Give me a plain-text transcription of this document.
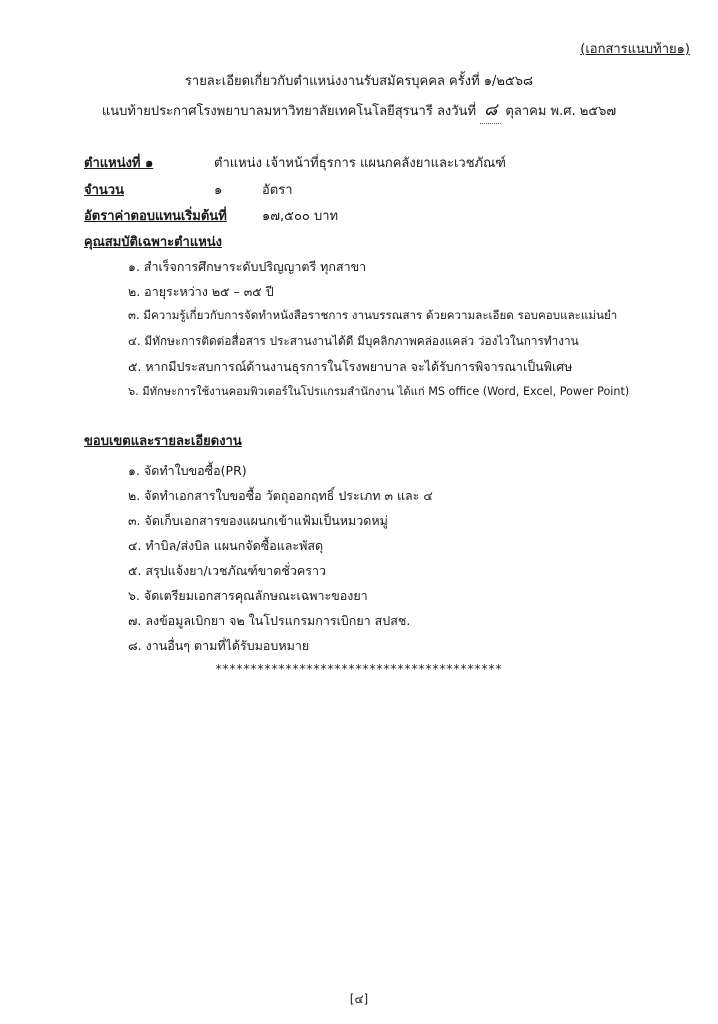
(เอกสารแนบท้าย๑)
รายละเอียดเกี่ยวกับตำแหน่งงานรับสมัครบุคคล ครั้งที่ ๑/๒๕๖๘
แนบท้ายประกาศโรงพยาบาลมหาวิทยาลัยเทคโนโลยีสุรนารี ลงวันที่ ๘ ตุลาคม พ.ศ. ๒๕๖๗
ตำแหน่งที่ ๑	ตำแหน่ง เจ้าหน้าที่ธุรการ แผนกคลังยาและเวชภัณฑ์
จำนวน	๑	อัตรา
อัตราค่าตอบแทนเริ่มต้นที่	๑๗,๕๐๐ บาท
คุณสมบัติเฉพาะตำแหน่ง
๑. สำเร็จการศึกษาระดับปริญญาตรี ทุกสาขา
๒. อายุระหว่าง ๒๕ – ๓๕ ปี
๓. มีความรู้เกี่ยวกับการจัดทำหนังสือราชการ งานบรรณสาร ด้วยความละเอียด รอบคอบและแม่นยำ
๔. มีทักษะการติดต่อสื่อสาร ประสานงานได้ดี มีบุคลิกภาพคล่องแคล่ว ว่องไวในการทำงาน
๕. หากมีประสบการณ์ด้านงานธุรการในโรงพยาบาล จะได้รับการพิจารณาเป็นพิเศษ
๖. มีทักษะการใช้งานคอมพิวเตอร์ในโปรแกรมสำนักงาน ได้แก่ MS office (Word, Excel, Power Point)
ขอบเขตและรายละเอียดงาน
๑. จัดทำใบขอซื้อ(PR)
๒. จัดทำเอกสารใบขอซื้อ วัตถุออกฤทธิ์ ประเภท ๓ และ ๔
๓. จัดเก็บเอกสารของแผนกเข้าแฟ้มเป็นหมวดหมู่
๔. ทำบิล/ส่งบิล แผนกจัดซื้อและพัสดุ
๕. สรุปแจ้งยา/เวชภัณฑ์ขาดชั่วคราว
๖. จัดเตรียมเอกสารคุณลักษณะเฉพาะของยา
๗. ลงข้อมูลเบิกยา จ๒ ในโปรแกรมการเบิกยา สปสช.
๘. งานอื่นๆ ตามที่ได้รับมอบหมาย
*****************************************
[๔]
